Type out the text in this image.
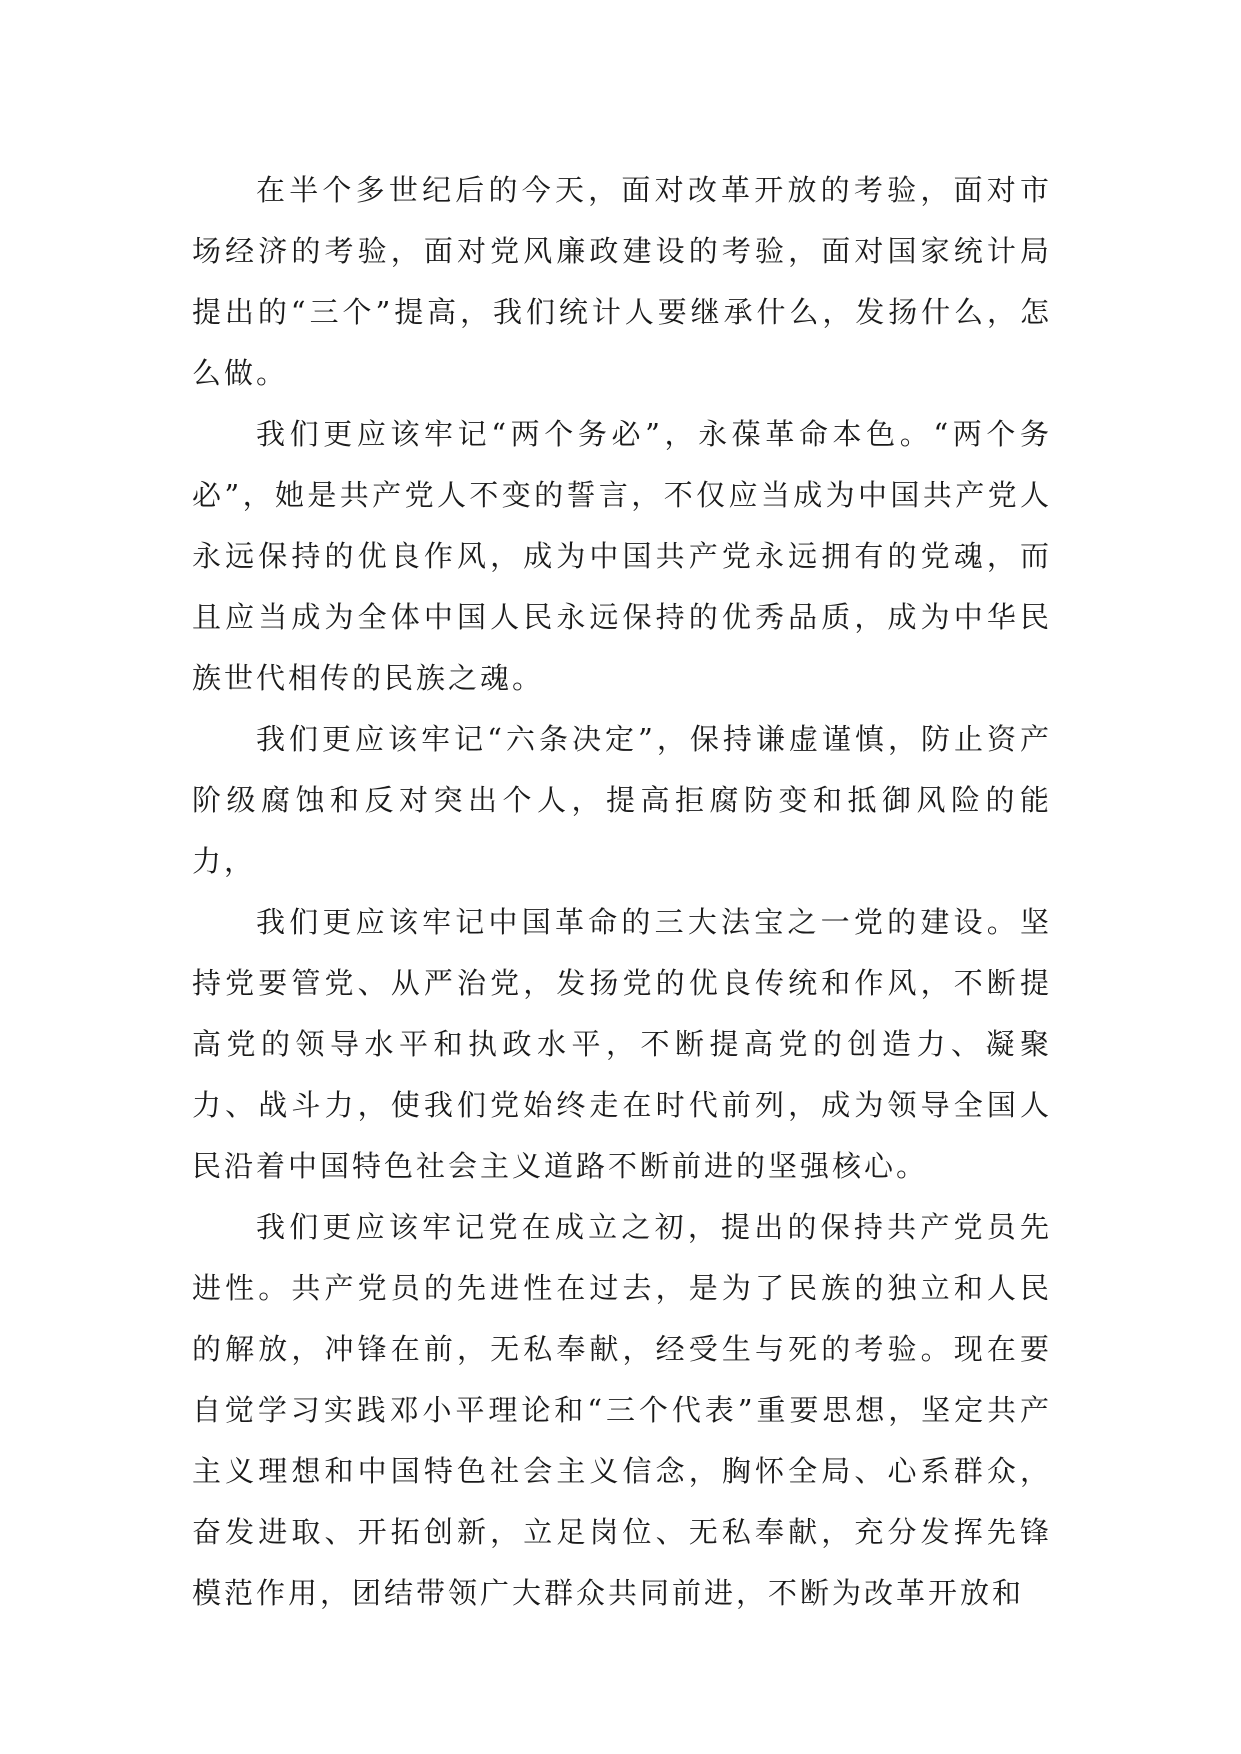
在半个多世纪后的今天，面对改革开放的考验，面对市场经济的考验，面对党风廉政建设的考验，面对国家统计局提出的“三个”提高，我们统计人要继承什么，发扬什么，怎么做。

我们更应该牢记“两个务必”，永葆革命本色。“两个务必”，她是共产党人不变的誓言，不仅应当成为中国共产党人永远保持的优良作风，成为中国共产党永远拥有的党魂，而且应当成为全体中国人民永远保持的优秀品质，成为中华民族世代相传的民族之魂。

我们更应该牢记“六条决定”，保持谦虚谨慎，防止资产阶级腐蚀和反对突出个人，提高拒腐防变和抵御风险的能力，

我们更应该牢记中国革命的三大法宝之一党的建设。坚持党要管党、从严治党，发扬党的优良传统和作风，不断提高党的领导水平和执政水平，不断提高党的创造力、凝聚力、战斗力，使我们党始终走在时代前列，成为领导全国人民沿着中国特色社会主义道路不断前进的坚强核心。

我们更应该牢记党在成立之初，提出的保持共产党员先进性。共产党员的先进性在过去，是为了民族的独立和人民的解放，冲锋在前，无私奉献，经受生与死的考验。现在要自觉学习实践邓小平理论和“三个代表”重要思想，坚定共产主义理想和中国特色社会主义信念，胸怀全局、心系群众，奋发进取、开拓创新，立足岗位、无私奉献，充分发挥先锋模范作用，团结带领广大群众共同前进，不断为改革开放和
